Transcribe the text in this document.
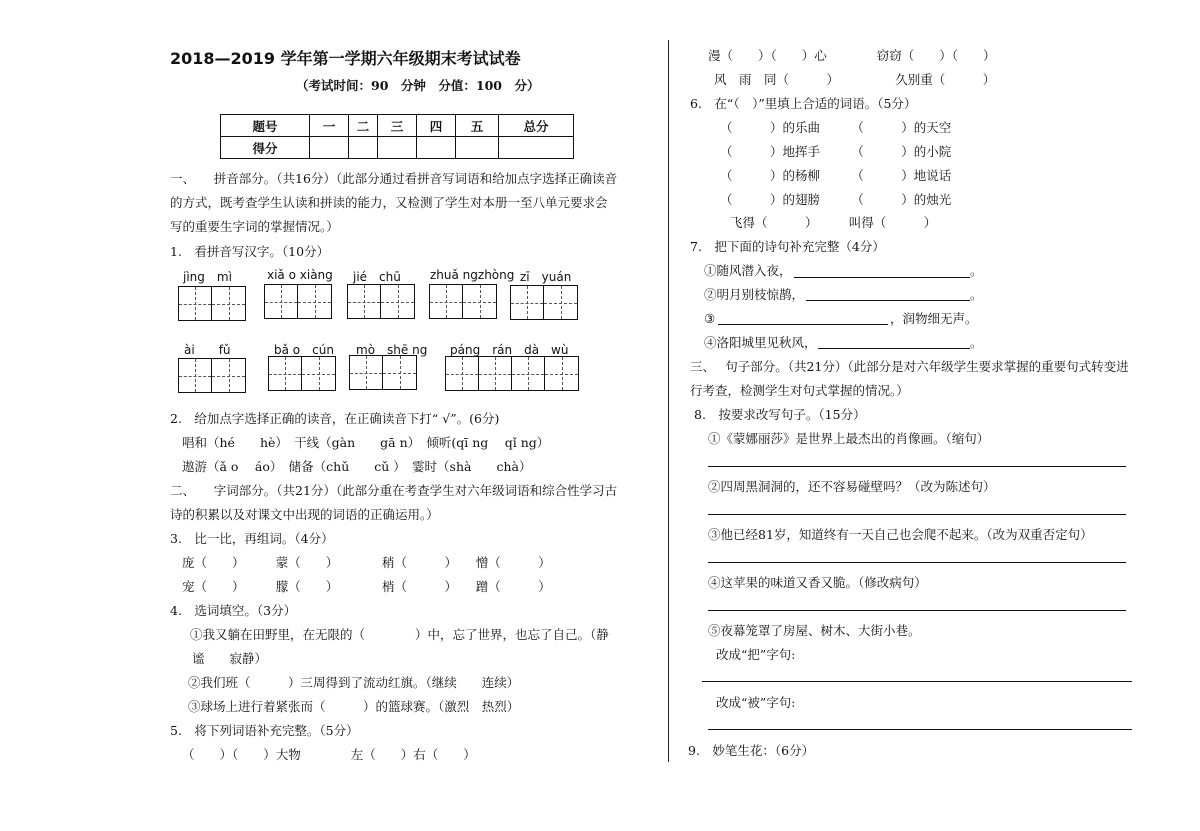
2018—2019 学年第一学期六年级期末考试试卷
（考试时间：90　分钟　分值：100　分）
题号	一	二	三	四	五	总分
得分						
一、　　拼音部分。（共16分）（此部分通过看拼音写词语和给加点字选择正确读音
的方式，既考查学生认读和拼读的能力，又检测了学生对本册一至八单元要求会
写的重要生字词的掌握情况。）
1.　看拼音写汉字。（10分）
jìng　mì	xiǎ o xiàng jié　chū zhuǎ ngzhòng zī　yuán
ài　　fǔ	bǎ o　cún mò　shē ng páng　rán　dà　wù
2.　给加点字选择正确的读音，在正确读音下打“ √”。(6分)
唱和（hé　　hè）　干线（gàn　　gā n）　倾听(qī ng　 qǐ ng）
遨游（ǎ o　 áo）　储备（chǔ　　cǔ ）　霎时（shà　　chà）
二、　　字词部分。（共21分）（此部分重在考查学生对六年级词语和综合性学习古
诗的积累以及对课文中出现的词语的正确运用。）
3.　比一比，再组词。（4分）
庞（　　）　　　蒙（　　）　　　　稍（　　　）　　憎（　　　）
宠（　　）　　　朦（　　）　　　　梢（　　　）　　蹭（　　　）
4.　选词填空。（3分）
①我又躺在田野里，在无限的（　　　　）中，忘了世界，也忘了自己。（静
谧　　寂静）
②我们班（　　　）三周得到了流动红旗。（继续　　连续）
③球场上进行着紧张而（　　　）的篮球赛。（激烈　热烈）
5.　将下列词语补充完整。（5分）
（　　）（　　）大物　　　　左（　　）右（　　）
漫（　　）（　　）心　　　　窃窃（　　）（　　）
风　雨　同（　　　）　　　　　久别重（　　　）
6.　在“（　）”里填上合适的词语。（5分）
（　　　）的乐曲　　　（　　　）的天空
（　　　）地挥手　　　（　　　）的小院
（　　　）的杨柳　　　（　　　）地说话
（　　　）的翅膀　　　（　　　）的烛光
飞得（　　　）　　　叫得（　　　）
7.　把下面的诗句补充完整（4分）
①随风潜入夜，	。
②明月别枝惊鹊，	。
③	，润物细无声。
④洛阳城里见秋风，	。
三、　 句子部分。（共21分）（此部分是对六年级学生要求掌握的重要句式转变进
行考查，检测学生对句式掌握的情况。）
8.　按要求改写句子。（15分）
①《蒙娜丽莎》是世界上最杰出的肖像画。（缩句）
②四周黑洞洞的，还不容易碰壁吗？（改为陈述句）
③他已经81岁，知道终有一天自己也会爬不起来。（改为双重否定句）
④这苹果的味道又香又脆。（修改病句）
⑤夜幕笼罩了房屋、树木、大街小巷。
改成“把”字句:
改成“被”字句:
9.　妙笔生花：（6分）
